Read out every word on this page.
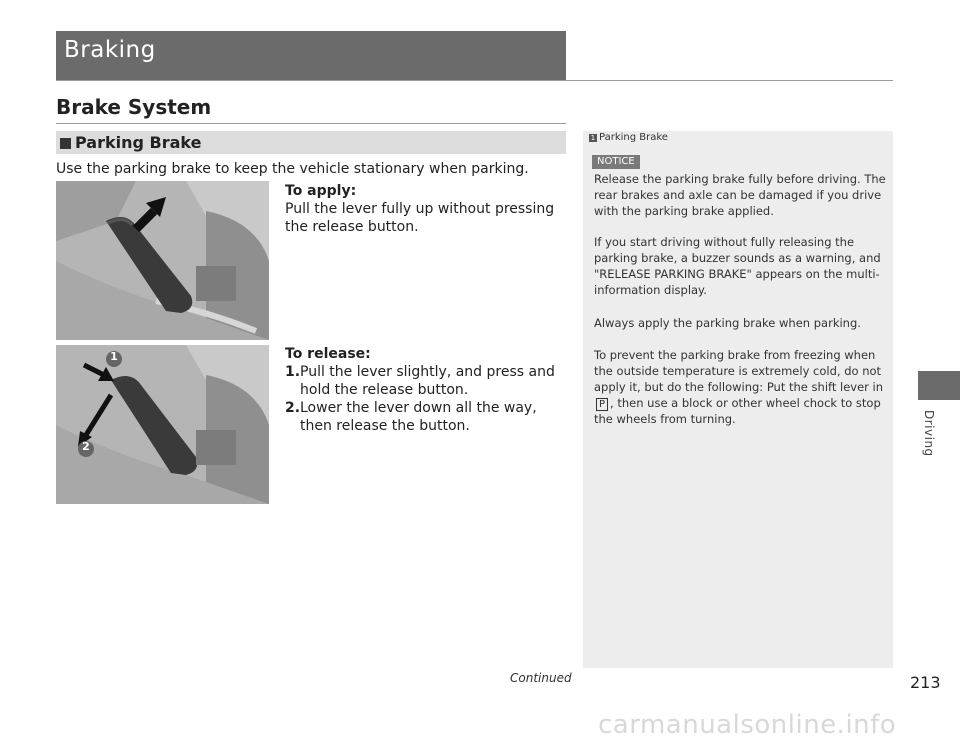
Braking
Brake System
Parking Brake
Use the parking brake to keep the vehicle stationary when parking.
To apply:
Pull the lever fully up without pressing the release button.
1
2
To release:
1.Pull the lever slightly, and press and hold the release button.
2.Lower the lever down all the way, then release the button.
1 Parking Brake
NOTICE
Release the parking brake fully before driving. The rear brakes and axle can be damaged if you drive with the parking brake applied.
If you start driving without fully releasing the parking brake, a buzzer sounds as a warning, and "RELEASE PARKING BRAKE" appears on the multi-information display.
Always apply the parking brake when parking.
To prevent the parking brake from freezing when the outside temperature is extremely cold, do not apply it, but do the following: Put the shift lever inP , then use a block or other wheel chock to stop the wheels from turning.	Driving
Continued	213
carmanualsonline.info
